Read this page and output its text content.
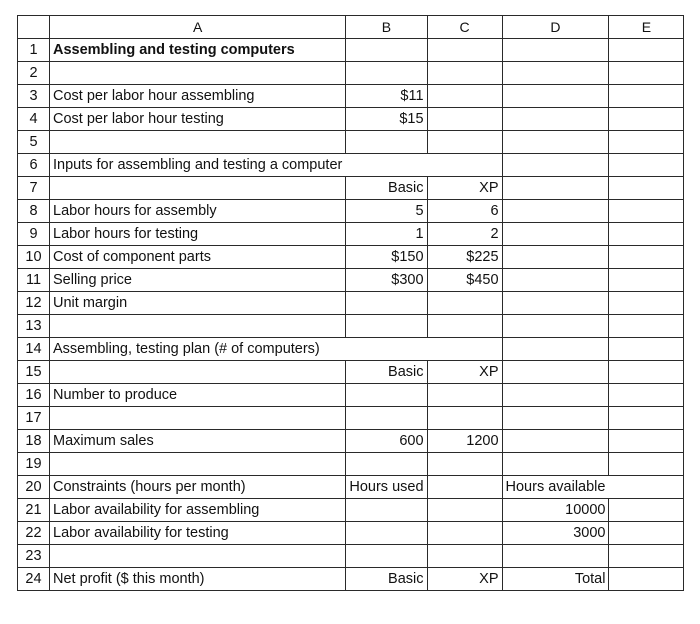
	A	B	C	D	E
1	Assembling and testing computers				
2					
3	Cost per labor hour assembling	$11			
4	Cost per labor hour testing	$15			
5					
6	Inputs for assembling and testing a computer				
7		Basic	XP		
8	Labor hours for assembly	5	6		
9	Labor hours for testing	1	2		
10	Cost of component parts	$150	$225		
11	Selling price	$300	$450		
12	Unit margin				
13					
14	Assembling, testing plan (# of computers)				
15		Basic	XP		
16	Number to produce				
17					
18	Maximum sales	600	1200		
19					
20	Constraints (hours per month)	Hours used		Hours available	
21	Labor availability for assembling			10000	
22	Labor availability for testing			3000	
23					
24	Net profit ($ this month)	Basic	XP	Total	
